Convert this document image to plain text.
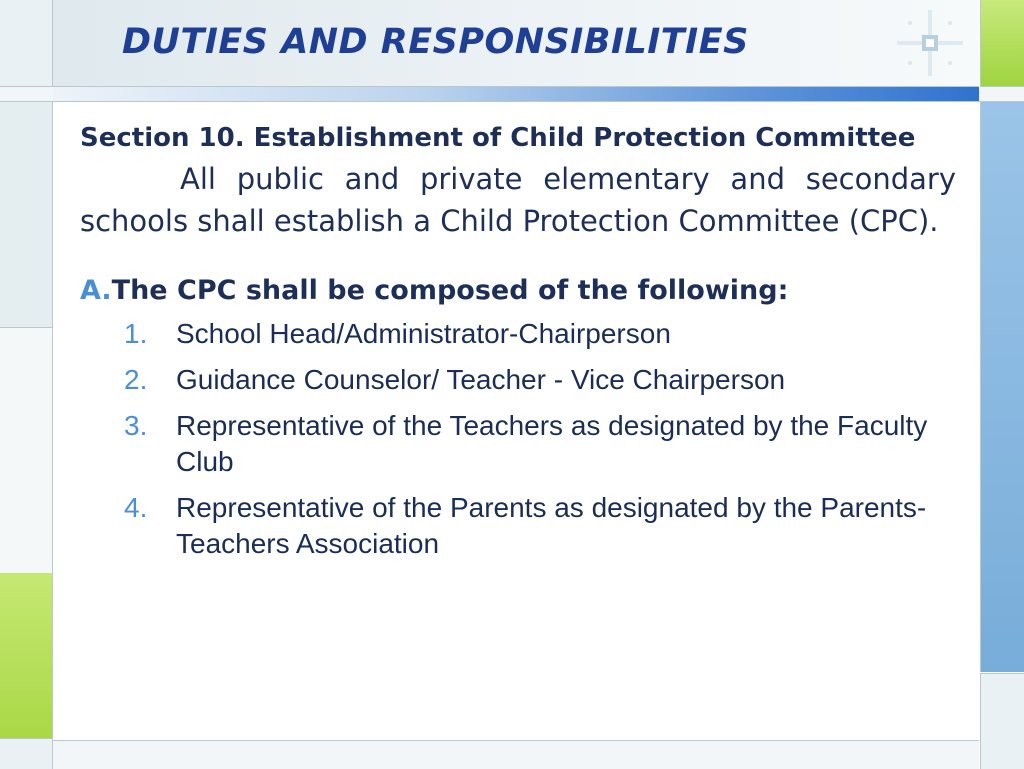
DUTIES AND RESPONSIBILITIES

Section 10. Establishment of Child Protection Committee

All public and private elementary and secondary schools shall establish a Child Protection Committee (CPC).

A.The CPC shall be composed of the following:

1. School Head/Administrator-Chairperson
2. Guidance Counselor/ Teacher - Vice Chairperson
3. Representative of the Teachers as designated by the Faculty Club
4. Representative of the Parents as designated by the Parents-Teachers Association
